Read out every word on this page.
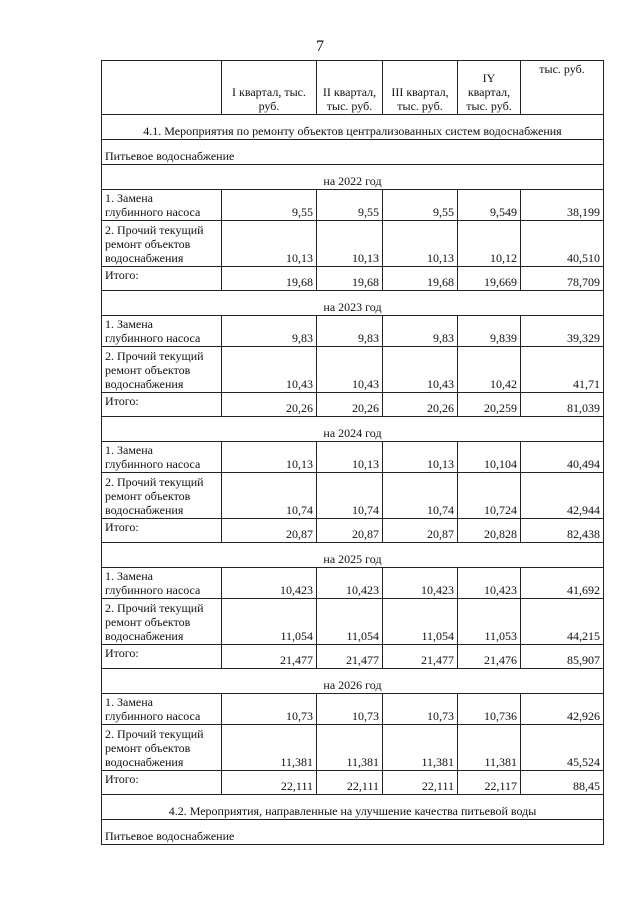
7
	I квартал, тыс. руб.	II квартал, тыс. руб.	III квартал, тыс. руб.	IY квартал, тыс. руб.	тыс. руб.
4.1. Мероприятия по ремонту объектов централизованных систем водоснабжения					
Питьевое водоснабжение					
на 2022 год					

1. Замена
глубинного насоса	9,55	9,55	9,55	9,549	38,199

2. Прочий текущий
ремонт объектов
водоснабжения	10,13	10,13	10,13	10,12	40,510
Итого:	19,68	19,68	19,68	19,669	78,709
на 2023 год					

1. Замена
глубинного насоса	9,83	9,83	9,83	9,839	39,329

2. Прочий текущий
ремонт объектов
водоснабжения	10,43	10,43	10,43	10,42	41,71
Итого:	20,26	20,26	20,26	20,259	81,039
на 2024 год					

1. Замена
глубинного насоса	10,13	10,13	10,13	10,104	40,494

2. Прочий текущий
ремонт объектов
водоснабжения	10,74	10,74	10,74	10,724	42,944
Итого:	20,87	20,87	20,87	20,828	82,438
на 2025 год					

1. Замена
глубинного насоса	10,423	10,423	10,423	10,423	41,692

2. Прочий текущий
ремонт объектов
водоснабжения	11,054	11,054	11,054	11,053	44,215
Итого:	21,477	21,477	21,477	21,476	85,907
на 2026 год					

1. Замена
глубинного насоса	10,73	10,73	10,73	10,736	42,926

2. Прочий текущий
ремонт объектов
водоснабжения	11,381	11,381	11,381	11,381	45,524
Итого:	22,111	22,111	22,111	22,117	88,45
4.2. Мероприятия, направленные на улучшение качества питьевой воды					
Питьевое водоснабжение					
